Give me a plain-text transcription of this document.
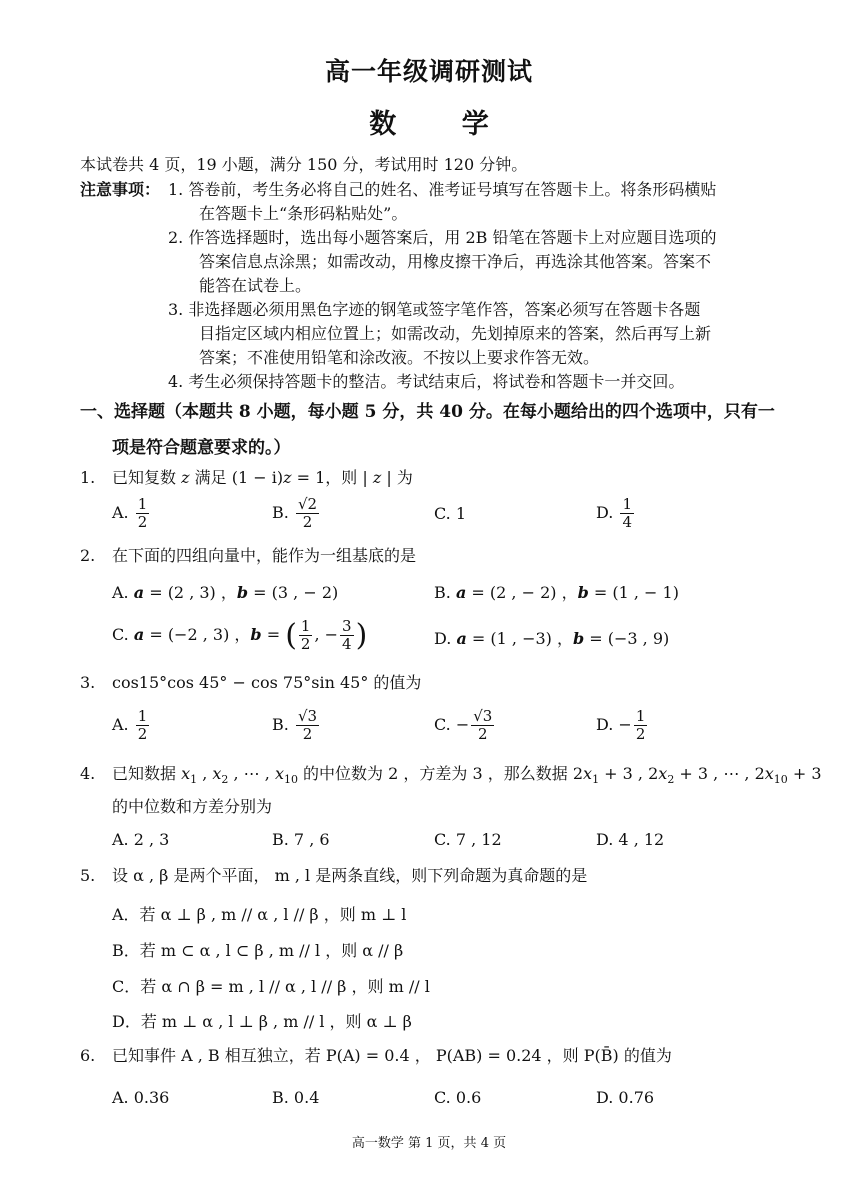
高一年级调研测试
数 学
本试卷共 4 页，19 小题，满分 150 分，考试用时 120 分钟。
注意事项： 1. 答卷前，考生务必将自己的姓名、准考证号填写在答题卡上。将条形码横贴
在答题卡上“条形码粘贴处”。
2. 作答选择题时，选出每小题答案后，用 2B 铅笔在答题卡上对应题目选项的
答案信息点涂黑；如需改动，用橡皮擦干净后，再选涂其他答案。答案不
能答在试卷上。
3. 非选择题必须用黑色字迹的钢笔或签字笔作答，答案必须写在答题卡各题
目指定区域内相应位置上；如需改动，先划掉原来的答案，然后再写上新
答案；不准使用铅笔和涂改液。不按以上要求作答无效。
4. 考生必须保持答题卡的整洁。考试结束后，将试卷和答题卡一并交回。
一、选择题（本题共 8 小题，每小题 5 分，共 40 分。在每小题给出的四个选项中，只有一
项是符合题意要求的。）
1. 已知复数 z 满足 (1 − i)z = 1，则 | z | 为
A. $\frac{1}{2}$	B. $\frac{√2}{2}$	C. 1	D. $\frac{1}{4}$
2. 在下面的四组向量中，能作为一组基底的是
A. a = (2 , 3) ，b = (3 , − 2)	B. a = (2 , − 2) ，b = (1 , − 1)
C. a = (−2 , 3) ，b = ( $\frac{1}{2}$ , − $\frac{3}{4}$ )	D. a = (1 , −3) ，b = (−3 , 9)
3. cos15°cos 45° − cos 75°sin 45° 的值为
A. $\frac{1}{2}$	B. $\frac{√3}{2}$	C. − $\frac{√3}{2}$	D. − $\frac{1}{2}$
4. 已知数据 $x_1$ , $x_2$ , ⋯ , $x_{10}$ 的中位数为 2 ，方差为 3 ，那么数据 $2x_1 + 3$ , $2x_2 + 3$ , ⋯ , $2x_{10} + 3$
的中位数和方差分别为
A. 2 , 3	B. 7 , 6	C. 7 , 12	D. 4 , 12
5. 设 α , β 是两个平面， m , l 是两条直线，则下列命题为真命题的是
A．若 α ⊥ β , m // α , l // β ，则 m ⊥ l
B．若 m ⊂ α , l ⊂ β , m // l ，则 α // β
C．若 α ∩ β = m , l // α , l // β ，则 m // l
D．若 m ⊥ α , l ⊥ β , m // l ，则 α ⊥ β
6. 已知事件 A , B 相互独立，若 P(A) = 0.4 ， P(AB) = 0.24 ，则 P(B̄) 的值为
A. 0.36	B. 0.4	C. 0.6	D. 0.76
高一数学 第 1 页，共 4 页
